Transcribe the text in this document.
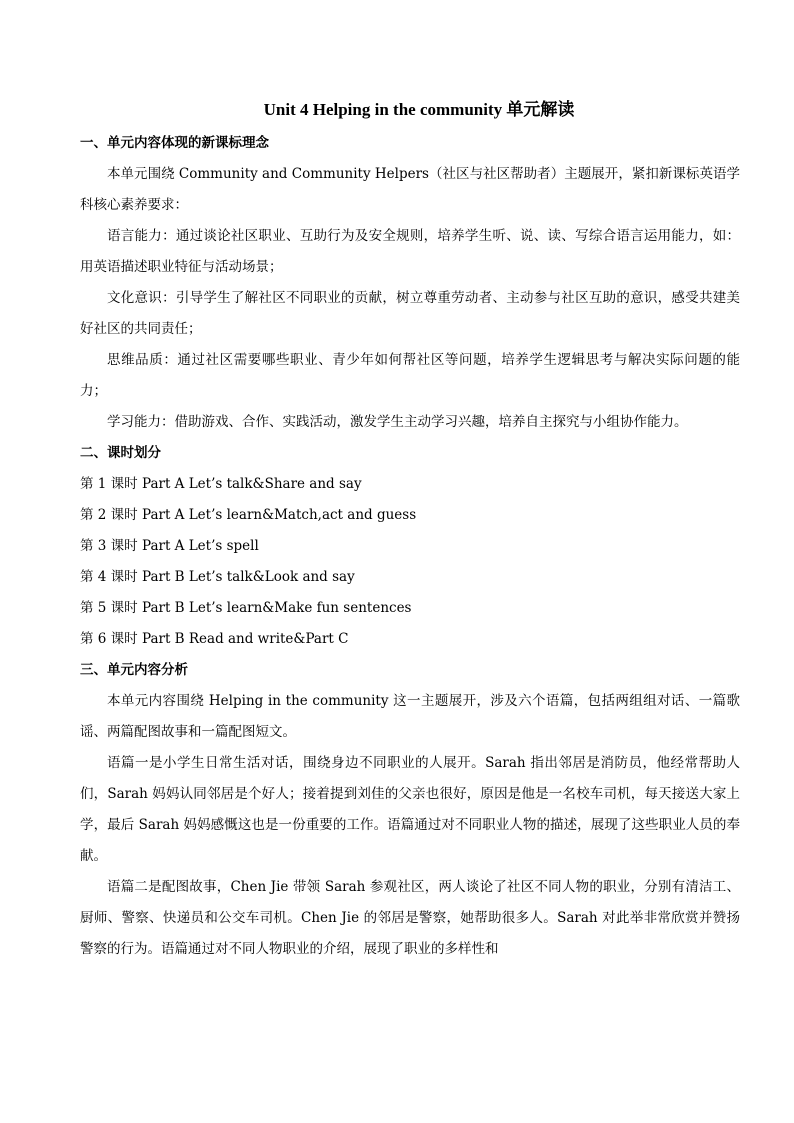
Unit 4 Helping in the community 单元解读
一、单元内容体现的新课标理念

本单元围绕 Community and Community Helpers（社区与社区帮助者）主题展开，紧扣新课标英语学科核心素养要求：

语言能力：通过谈论社区职业、互助行为及安全规则，培养学生听、说、读、写综合语言运用能力，如：用英语描述职业特征与活动场景；

文化意识：引导学生了解社区不同职业的贡献，树立尊重劳动者、主动参与社区互助的意识，感受共建美好社区的共同责任；

思维品质：通过社区需要哪些职业、青少年如何帮社区等问题，培养学生逻辑思考与解决实际问题的能力；

学习能力：借助游戏、合作、实践活动，激发学生主动学习兴趣，培养自主探究与小组协作能力。

二、课时划分

第 1 课时 Part A Let’s talk&Share and say

第 2 课时 Part A Let’s learn&Match,act and guess

第 3 课时 Part A Let’s spell

第 4 课时 Part B Let’s talk&Look and say

第 5 课时 Part B Let’s learn&Make fun sentences

第 6 课时 Part B Read and write&Part C

三、单元内容分析

本单元内容围绕 Helping in the community 这一主题展开，涉及六个语篇，包括两组组对话、一篇歌谣、两篇配图故事和一篇配图短文。

语篇一是小学生日常生活对话，围绕身边不同职业的人展开。Sarah 指出邻居是消防员，他经常帮助人们，Sarah 妈妈认同邻居是个好人；接着提到刘佳的父亲也很好，原因是他是一名校车司机，每天接送大家上学，最后 Sarah 妈妈感慨这也是一份重要的工作。语篇通过对不同职业人物的描述，展现了这些职业人员的奉献。

语篇二是配图故事，Chen Jie 带领 Sarah 参观社区，两人谈论了社区不同人物的职业，分别有清洁工、厨师、警察、快递员和公交车司机。Chen Jie 的邻居是警察，她帮助很多人。Sarah 对此举非常欣赏并赞扬警察的行为。语篇通过对不同人物职业的介绍，展现了职业的多样性和
